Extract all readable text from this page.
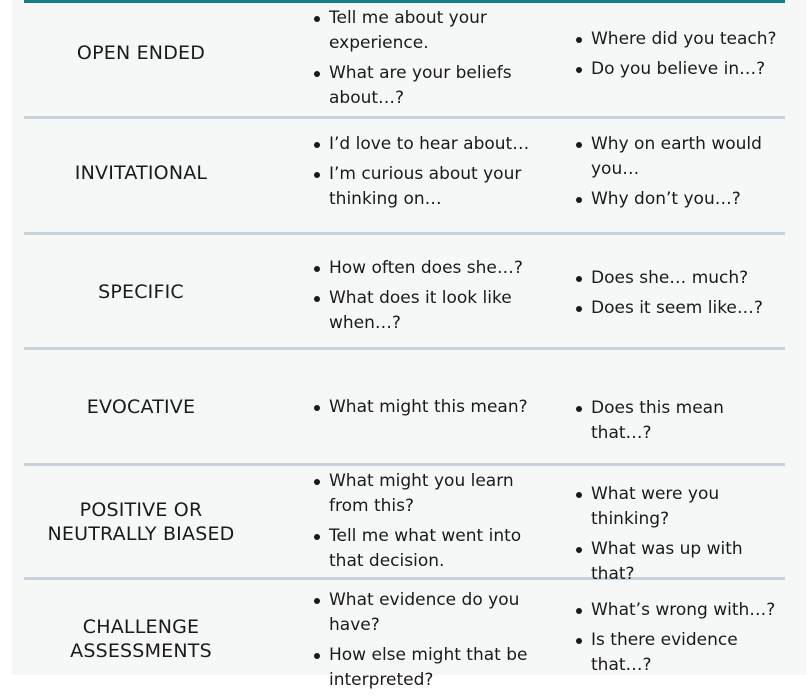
OPEN ENDED
Tell me about your experience.
What are your beliefs about…?
Where did you teach?
Do you believe in…?
INVITATIONAL
I’d love to hear about…
I’m curious about your thinking on…
Why on earth would you…
Why don’t you…?
SPECIFIC
How often does she…?
What does it look like when…?
Does she… much?
Does it seem like…?
EVOCATIVE	What might this mean?	Does this mean that…?
POSITIVE OR
NEUTRALLY BIASED
What might you learn from this?
Tell me what went into that decision.
What were you thinking?
What was up with that?
CHALLENGE
ASSESSMENTS
What evidence do you have?
How else might that be interpreted?
What’s wrong with…?
Is there evidence that…?
